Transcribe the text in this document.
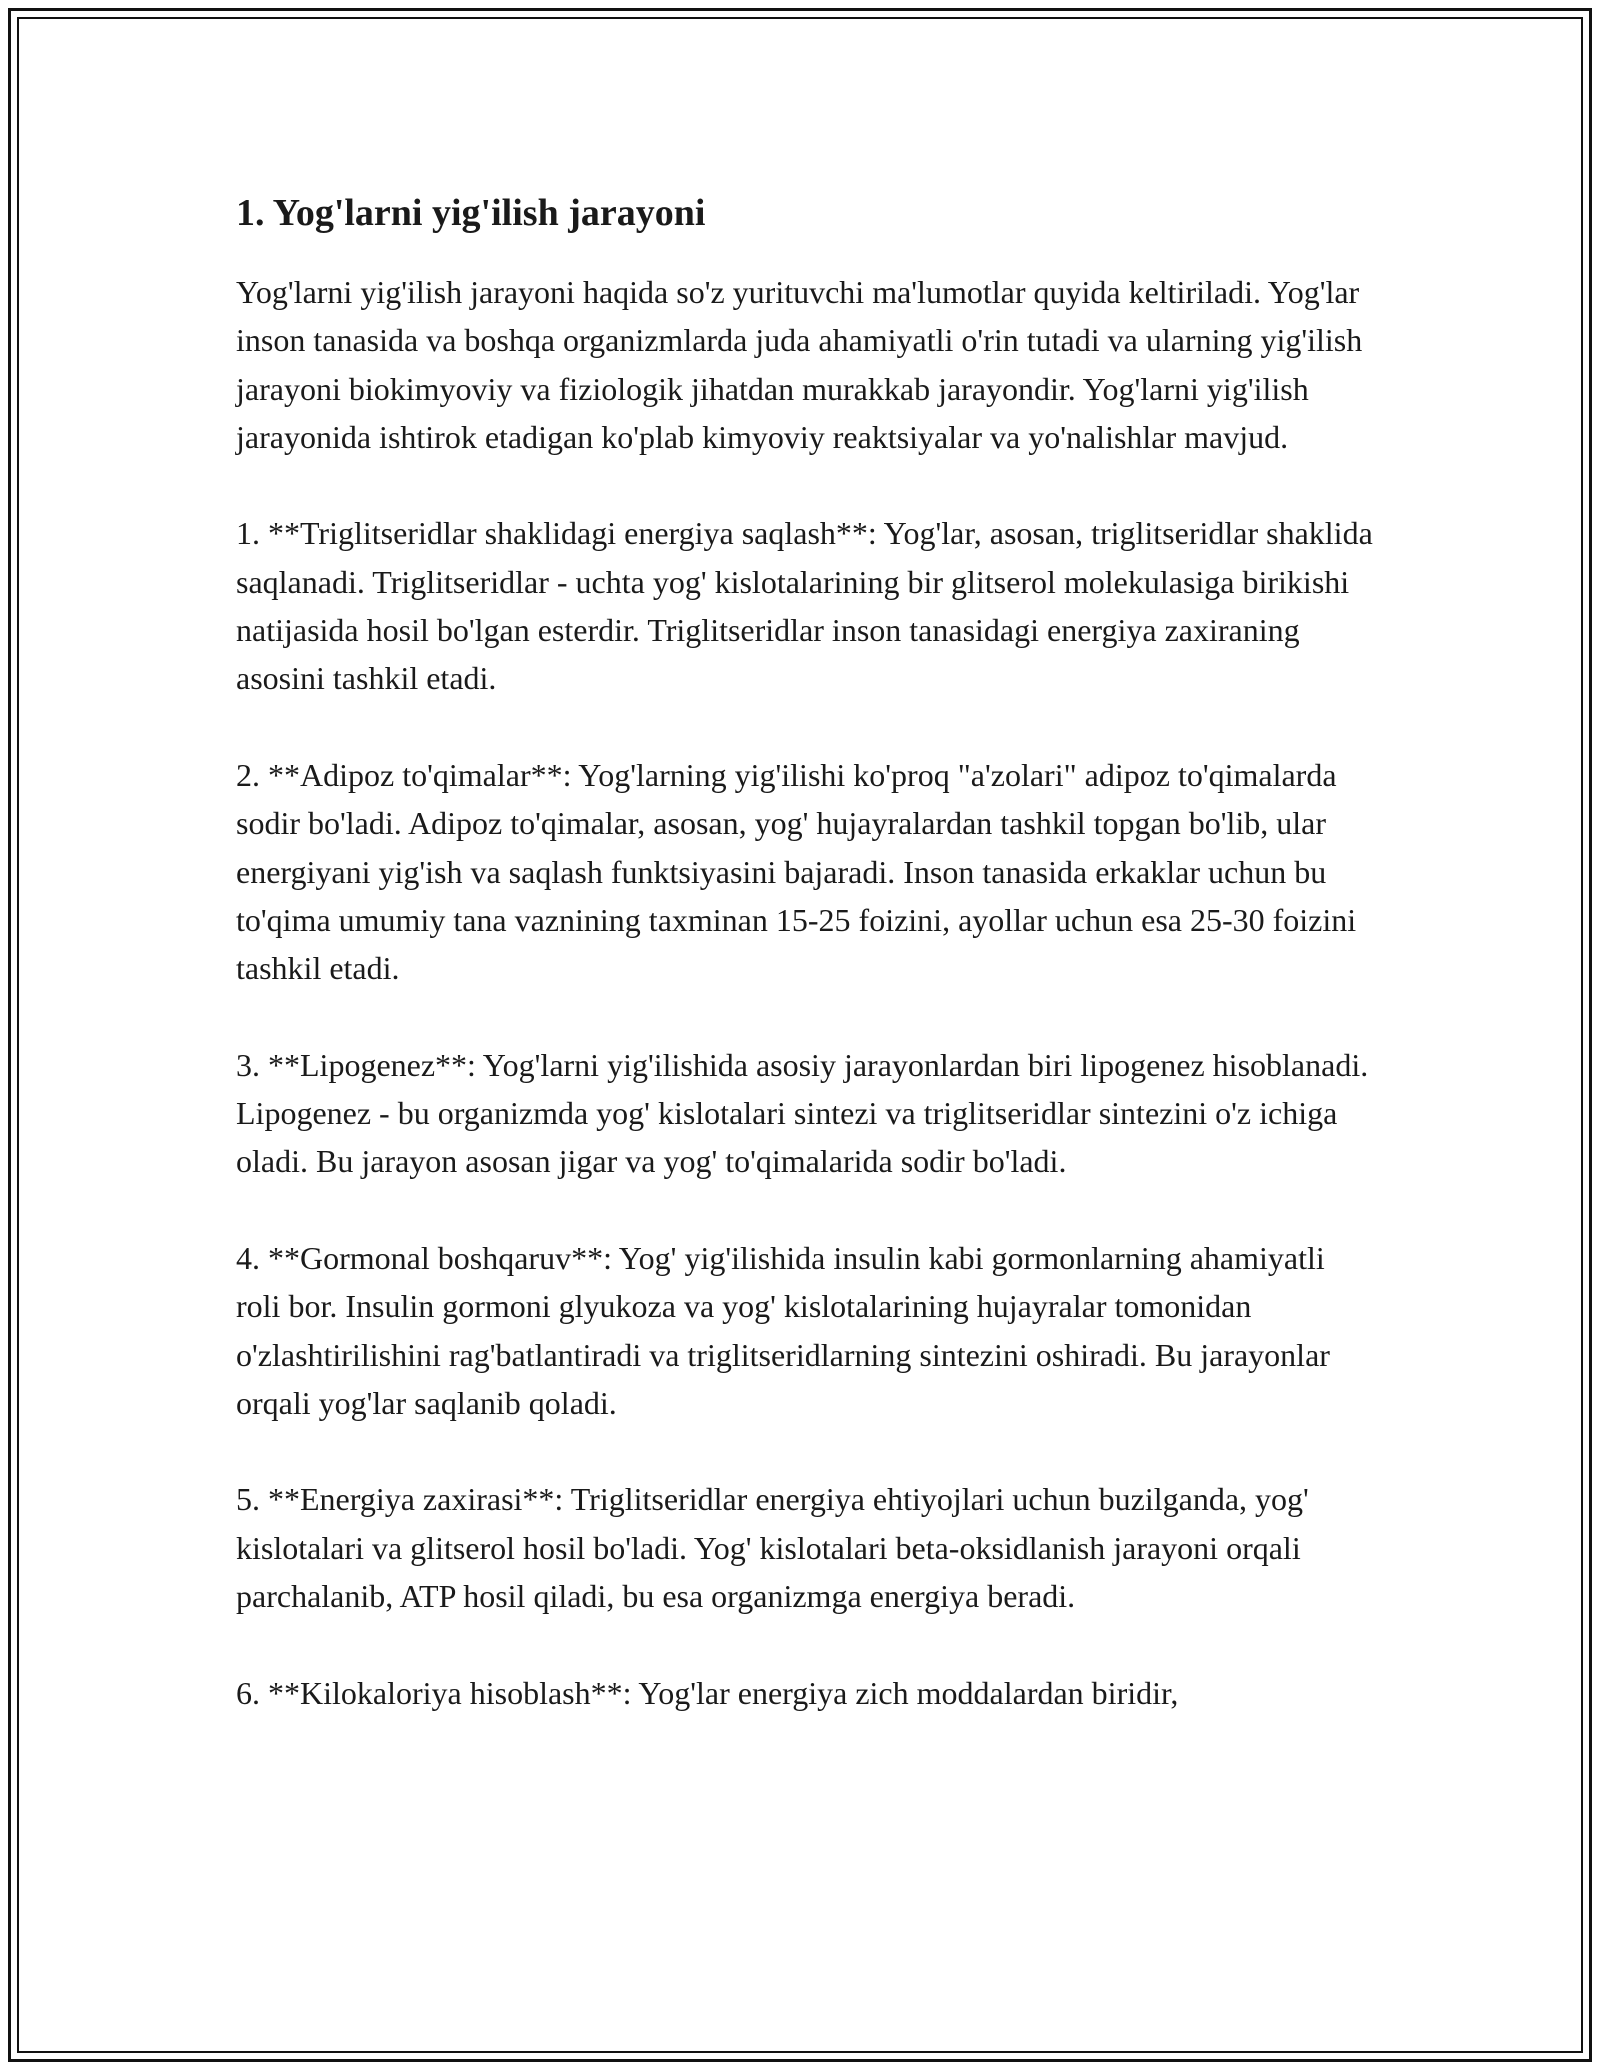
1. Yog'larni yig'ilish jarayoni

Yog'larni yig'ilish jarayoni haqida so'z yurituvchi ma'lumotlar quyida keltiriladi. Yog'lar inson tanasida va boshqa organizmlarda juda ahamiyatli o'rin tutadi va ularning yig'ilish jarayoni biokimyoviy va fiziologik jihatdan murakkab jarayondir. Yog'larni yig'ilish jarayonida ishtirok etadigan ko'plab kimyoviy reaktsiyalar va yo'nalishlar mavjud.

1. **Triglitseridlar shaklidagi energiya saqlash**: Yog'lar, asosan, triglitseridlar shaklida saqlanadi. Triglitseridlar - uchta yog' kislotalarining bir glitserol molekulasiga birikishi natijasida hosil bo'lgan esterdir. Triglitseridlar inson tanasidagi energiya zaxiraning asosini tashkil etadi.

2. **Adipoz to'qimalar**: Yog'larning yig'ilishi ko'proq "a'zolari" adipoz to'qimalarda sodir bo'ladi. Adipoz to'qimalar, asosan, yog' hujayralardan tashkil topgan bo'lib, ular energiyani yig'ish va saqlash funktsiyasini bajaradi. Inson tanasida erkaklar uchun bu to'qima umumiy tana vaznining taxminan 15-25 foizini, ayollar uchun esa 25-30 foizini tashkil etadi.

3. **Lipogenez**: Yog'larni yig'ilishida asosiy jarayonlardan biri lipogenez hisoblanadi. Lipogenez - bu organizmda yog' kislotalari sintezi va triglitseridlar sintezini o'z ichiga oladi. Bu jarayon asosan jigar va yog' to'qimalarida sodir bo'ladi.

4. **Gormonal boshqaruv**: Yog' yig'ilishida insulin kabi gormonlarning ahamiyatli roli bor. Insulin gormoni glyukoza va yog' kislotalarining hujayralar tomonidan o'zlashtirilishini rag'batlantiradi va triglitseridlarning sintezini oshiradi. Bu jarayonlar orqali yog'lar saqlanib qoladi.

5. **Energiya zaxirasi**: Triglitseridlar energiya ehtiyojlari uchun buzilganda, yog' kislotalari va glitserol hosil bo'ladi. Yog' kislotalari beta-oksidlanish jarayoni orqali parchalanib, ATP hosil qiladi, bu esa organizmga energiya beradi.

6. **Kilokaloriya hisoblash**: Yog'lar energiya zich moddalardan biridir,
